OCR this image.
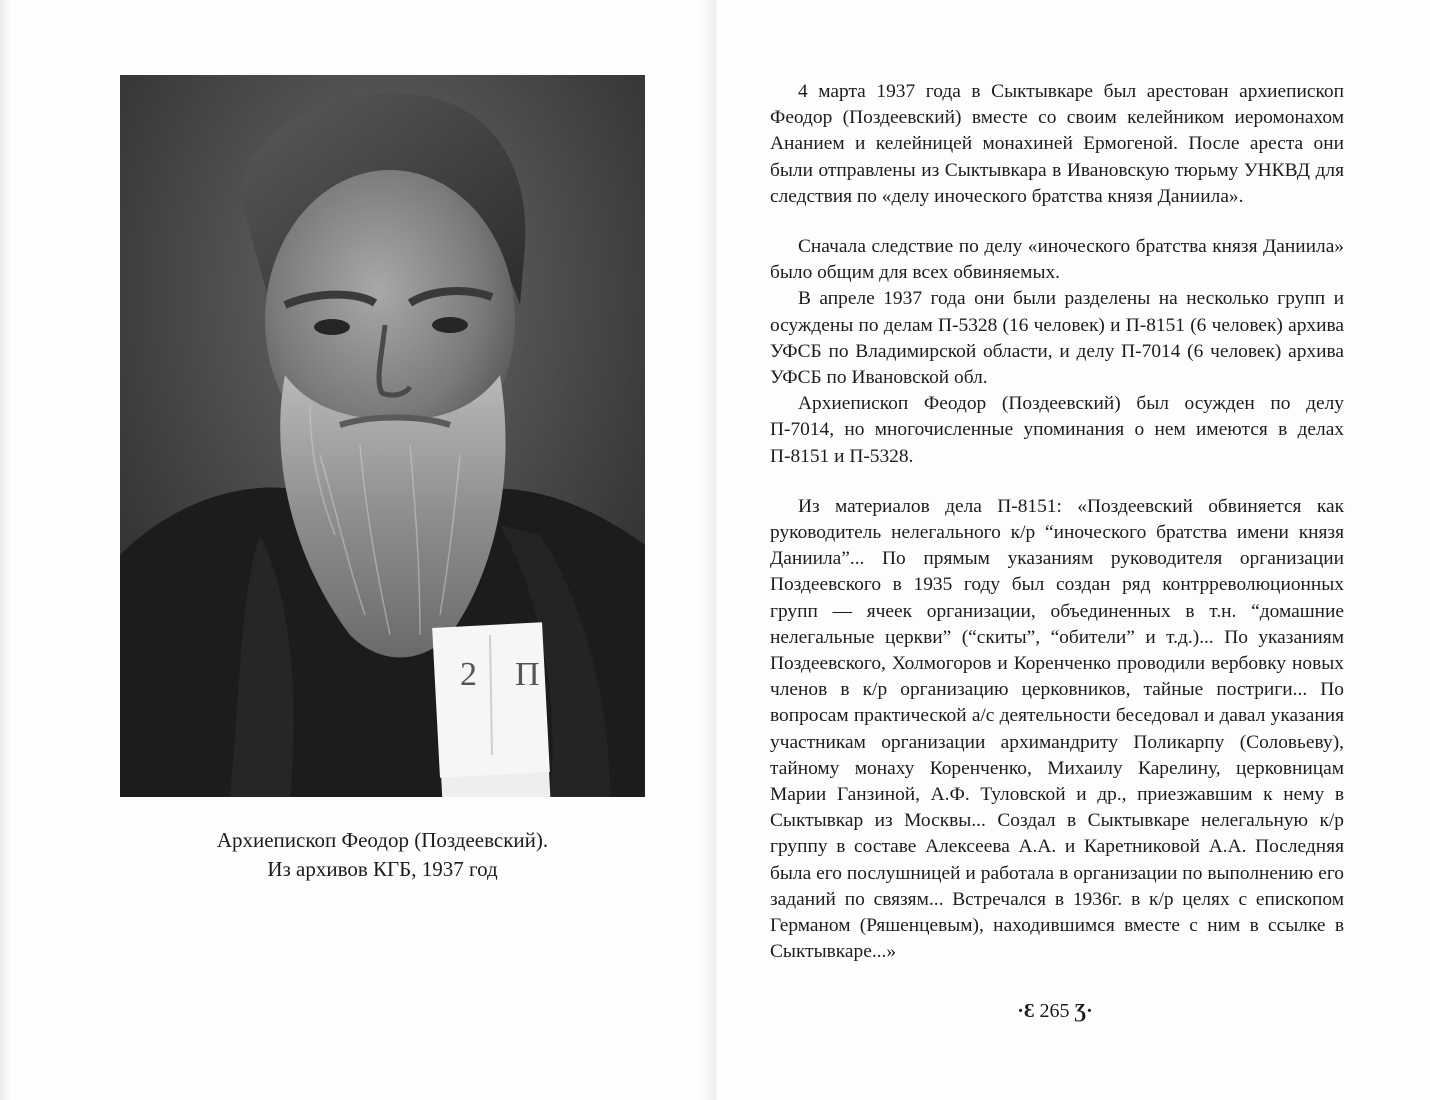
2 П
Архиепископ Феодор (Поздеевский).
Из архивов КГБ, 1937 год

4 марта 1937 года в Сыктывкаре был арестован архиепископ Феодор (Поздеевский) вместе со своим келейником иеромонахом Ананием и келейницей монахиней Ермогеной. После ареста они были отправлены из Сыктывкара в Ивановскую тюрьму УНКВД для следствия по «делу иноческого братства князя Даниила».

Сначала следствие по делу «иноческого братства князя Даниила» было общим для всех обвиняемых.

В апреле 1937 года они были разделены на несколько групп и осуждены по делам П-5328 (16 человек) и П-8151 (6 человек) архива УФСБ по Владимирской области, и делу П-7014 (6 человек) архива УФСБ по Ивановской обл.

Архиепископ Феодор (Поздеевский) был осужден по делу П-7014, но многочисленные упоминания о нем имеются в делах П-8151 и П-5328.

Из материалов дела П-8151: «Поздеевский обвиняется как руководитель нелегального к/р “иноческого братства имени князя Даниила”... По прямым указаниям руководителя организации Поздеевского в 1935 году был создан ряд контрреволюционных групп — ячеек организации, объединенных в т.н. “домашние нелегальные церкви” (“скиты”, “обители” и т.д.)... По указаниям Поздеевского, Холмогоров и Коренченко проводили вербовку новых членов в к/р организацию церковников, тайные постриги... По вопросам практической а/с деятельности беседовал и давал указания участникам организации архимандриту Поликарпу (Соловьеву), тайному монаху Коренченко, Михаилу Карелину, церковницам Марии Ганзиной, А.Ф. Туловской и др., приезжавшим к нему в Сыктывкар из Москвы... Создал в Сыктывкаре нелегальную к/р группу в составе Алексеева А.А. и Каретниковой А.А. Последняя была его послушницей и работала в организации по выполнению его заданий по связям... Встречался в 1936г. в к/р целях с епископом Германом (Ряшенцевым), находившимся вместе с ним в ссылке в Сыктывкаре...»

·Ɛ 265 Ʒ·
